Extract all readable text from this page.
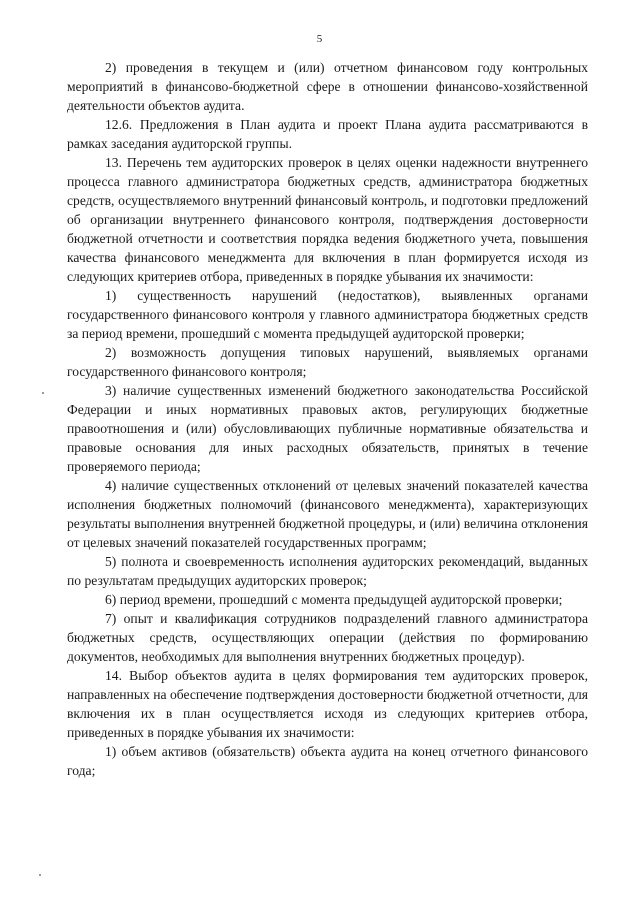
5

2) проведения в текущем и (или) отчетном финансовом году контрольных мероприятий в финансово-бюджетной сфере в отношении финансово-хозяйственной деятельности объектов аудита.

12.6. Предложения в План аудита и проект Плана аудита рассматриваются в рамках заседания аудиторской группы.

13. Перечень тем аудиторских проверок в целях оценки надежности внутреннего процесса главного администратора бюджетных средств, администратора бюджетных средств, осуществляемого внутренний финансовый контроль, и подготовки предложений об организации внутреннего финансового контроля, подтверждения достоверности бюджетной отчетности и соответствия порядка ведения бюджетного учета, повышения качества финансового менеджмента для включения в план формируется исходя из следующих критериев отбора, приведенных в порядке убывания их значимости:

1) существенность нарушений (недостатков), выявленных органами государственного финансового контроля у главного администратора бюджетных средств за период времени, прошедший с момента предыдущей аудиторской проверки;

2) возможность допущения типовых нарушений, выявляемых органами государственного финансового контроля;

3) наличие существенных изменений бюджетного законодательства Российской Федерации и иных нормативных правовых актов, регулирующих бюджетные правоотношения и (или) обусловливающих публичные нормативные обязательства и правовые основания для иных расходных обязательств, принятых в течение проверяемого периода;

4) наличие существенных отклонений от целевых значений показателей качества исполнения бюджетных полномочий (финансового менеджмента), характеризующих результаты выполнения внутренней бюджетной процедуры, и (или) величина отклонения от целевых значений показателей государственных программ;

5) полнота и своевременность исполнения аудиторских рекомендаций, выданных по результатам предыдущих аудиторских проверок;

6) период времени, прошедший с момента предыдущей аудиторской проверки;

7) опыт и квалификация сотрудников подразделений главного администратора бюджетных средств, осуществляющих операции (действия по формированию документов, необходимых для выполнения внутренних бюджетных процедур).

14. Выбор объектов аудита в целях формирования тем аудиторских проверок, направленных на обеспечение подтверждения достоверности бюджетной отчетности, для включения их в план осуществляется исходя из следующих критериев отбора, приведенных в порядке убывания их значимости:

1) объем активов (обязательств) объекта аудита на конец отчетного финансового года;
